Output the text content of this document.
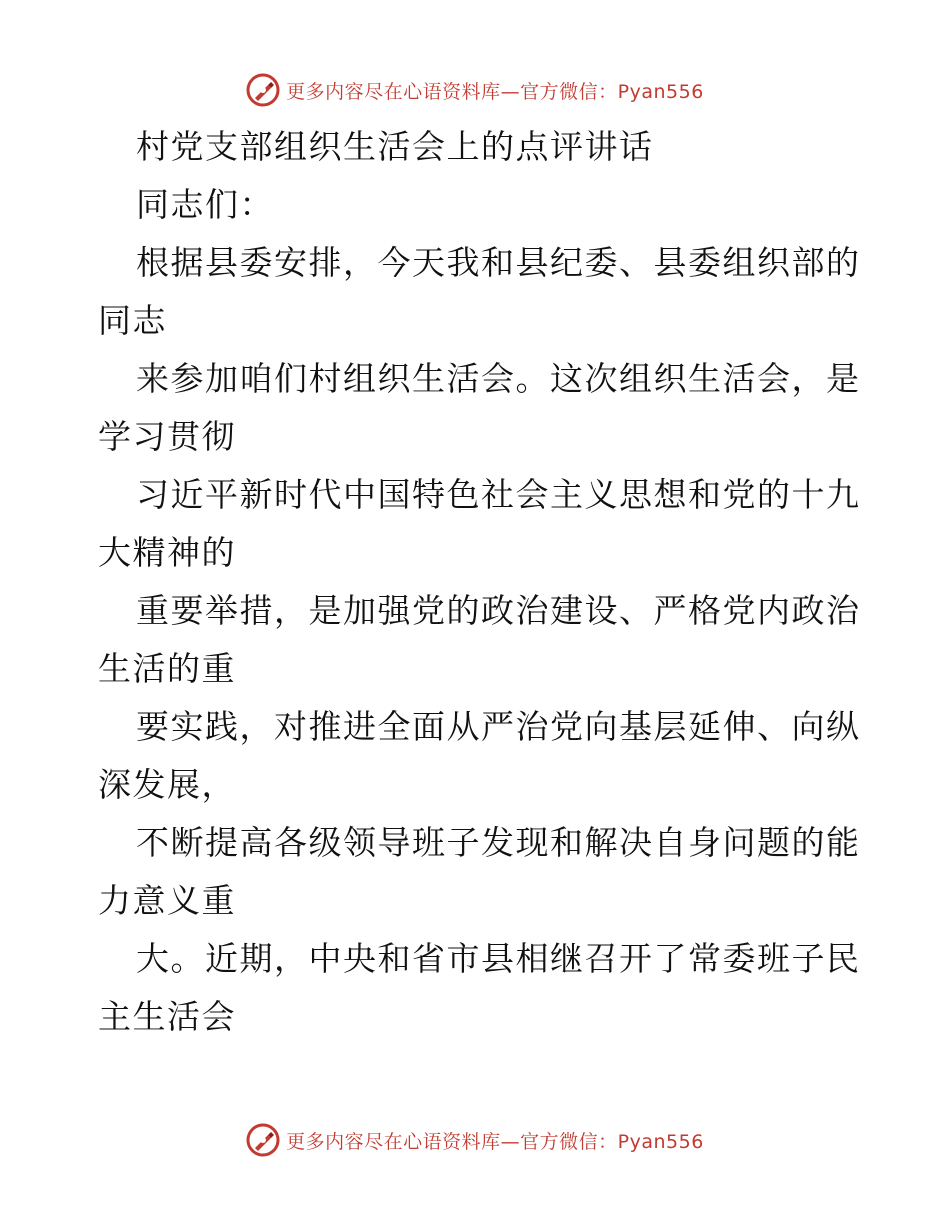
更多内容尽在心语资料库—官方微信：Pyan556
村党支部组织生活会上的点评讲话
同志们：
根据县委安排，今天我和县纪委、县委组织部的
同志
来参加咱们村组织生活会。这次组织生活会，是
学习贯彻
习近平新时代中国特色社会主义思想和党的十九
大精神的
重要举措，是加强党的政治建设、严格党内政治
生活的重
要实践，对推进全面从严治党向基层延伸、向纵
深发展，
不断提高各级领导班子发现和解决自身问题的能
力意义重
大。近期，中央和省市县相继召开了常委班子民
主生活会
更多内容尽在心语资料库—官方微信：Pyan556
